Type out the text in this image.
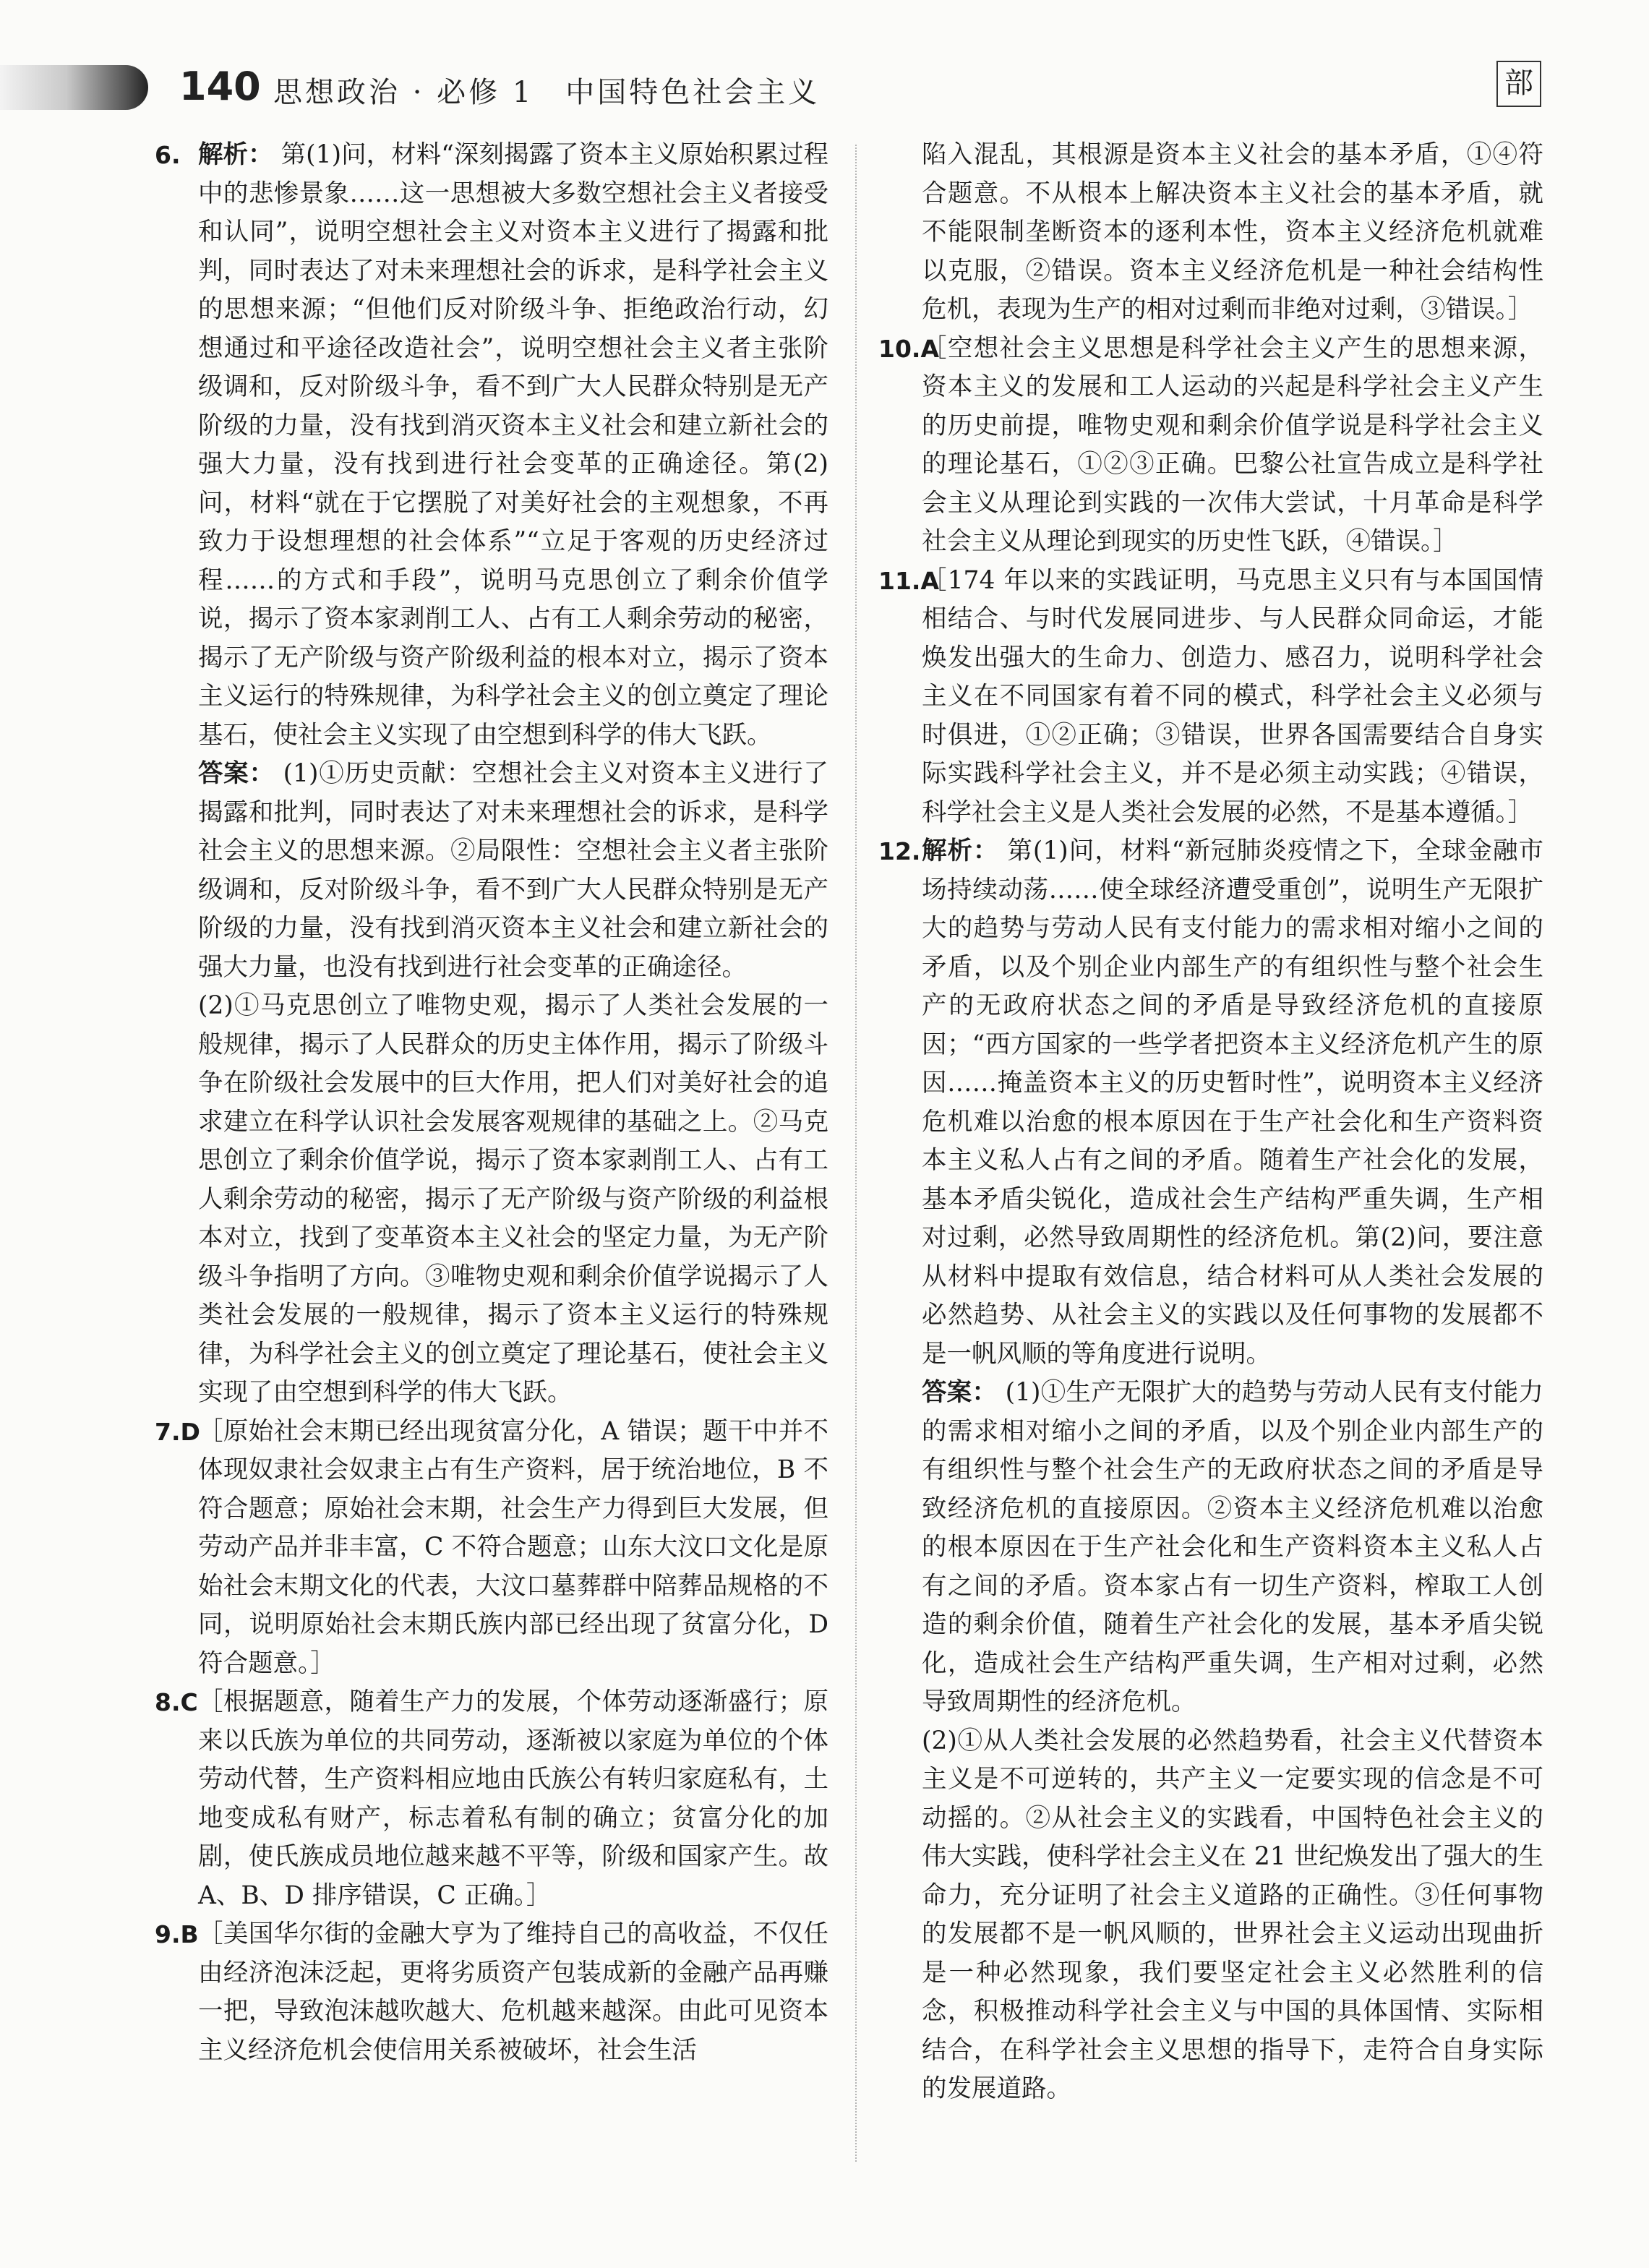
140 思想政治 · 必修 1　中国特色社会主义	部
6. 解析： 第(1)问，材料“深刻揭露了资本主义原始积累过程中的悲惨景象……这一思想被大多数空想社会主义者接受和认同”，说明空想社会主义对资本主义进行了揭露和批判，同时表达了对未来理想社会的诉求，是科学社会主义的思想来源；“但他们反对阶级斗争、拒绝政治行动，幻想通过和平途径改造社会”，说明空想社会主义者主张阶级调和，反对阶级斗争，看不到广大人民群众特别是无产阶级的力量，没有找到消灭资本主义社会和建立新社会的强大力量，没有找到进行社会变革的正确途径。第(2)问，材料“就在于它摆脱了对美好社会的主观想象，不再致力于设想理想的社会体系”“立足于客观的历史经济过程……的方式和手段”，说明马克思创立了剩余价值学说，揭示了资本家剥削工人、占有工人剩余劳动的秘密，揭示了无产阶级与资产阶级利益的根本对立，揭示了资本主义运行的特殊规律，为科学社会主义的创立奠定了理论基石，使社会主义实现了由空想到科学的伟大飞跃。

答案： (1)①历史贡献：空想社会主义对资本主义进行了揭露和批判，同时表达了对未来理想社会的诉求，是科学社会主义的思想来源。②局限性：空想社会主义者主张阶级调和，反对阶级斗争，看不到广大人民群众特别是无产阶级的力量，没有找到消灭资本主义社会和建立新社会的强大力量，也没有找到进行社会变革的正确途径。

(2)①马克思创立了唯物史观，揭示了人类社会发展的一般规律，揭示了人民群众的历史主体作用，揭示了阶级斗争在阶级社会发展中的巨大作用，把人们对美好社会的追求建立在科学认识社会发展客观规律的基础之上。②马克思创立了剩余价值学说，揭示了资本家剥削工人、占有工人剩余劳动的秘密，揭示了无产阶级与资产阶级的利益根本对立，找到了变革资本主义社会的坚定力量，为无产阶级斗争指明了方向。③唯物史观和剩余价值学说揭示了人类社会发展的一般规律，揭示了资本主义运行的特殊规律，为科学社会主义的创立奠定了理论基石，使社会主义实现了由空想到科学的伟大飞跃。

7.D

［原始社会末期已经出现贫富分化，A 错误；题干中并不体现奴隶社会奴隶主占有生产资料，居于统治地位，B 不符合题意；原始社会末期，社会生产力得到巨大发展，但劳动产品并非丰富，C 不符合题意；山东大汶口文化是原始社会末期文化的代表，大汶口墓葬群中陪葬品规格的不同，说明原始社会末期氏族内部已经出现了贫富分化，D 符合题意。］

8.C ［根据题意，随着生产力的发展，个体劳动逐渐盛行；原来以氏族为单位的共同劳动，逐渐被以家庭为单位的个体劳动代替，生产资料相应地由氏族公有转归家庭私有，土地变成私有财产，标志着私有制的确立；贫富分化的加剧，使氏族成员地位越来越不平等，阶级和国家产生。故 A、B、D 排序错误，C 正确。］

9.B ［美国华尔街的金融大亨为了维持自己的高收益，不仅任由经济泡沫泛起，更将劣质资产包装成新的金融产品再赚一把，导致泡沫越吹越大、危机越来越深。由此可见资本主义经济危机会使信用关系被破坏，社会生活

陷入混乱，其根源是资本主义社会的基本矛盾，①④符合题意。不从根本上解决资本主义社会的基本矛盾，就不能限制垄断资本的逐利本性，资本主义经济危机就难以克服，②错误。资本主义经济危机是一种社会结构性危机，表现为生产的相对过剩而非绝对过剩，③错误。］

10.A

［空想社会主义思想是科学社会主义产生的思想来源，资本主义的发展和工人运动的兴起是科学社会主义产生的历史前提，唯物史观和剩余价值学说是科学社会主义的理论基石，①②③正确。巴黎公社宣告成立是科学社会主义从理论到实践的一次伟大尝试，十月革命是科学社会主义从理论到现实的历史性飞跃，④错误。］

11.A

［174 年以来的实践证明，马克思主义只有与本国国情相结合、与时代发展同进步、与人民群众同命运，才能焕发出强大的生命力、创造力、感召力，说明科学社会主义在不同国家有着不同的模式，科学社会主义必须与时俱进，①②正确；③错误，世界各国需要结合自身实际实践科学社会主义，并不是必须主动实践；④错误，科学社会主义是人类社会发展的必然，不是基本遵循。］

12. 解析： 第(1)问，材料“新冠肺炎疫情之下，全球金融市场持续动荡……使全球经济遭受重创”，说明生产无限扩大的趋势与劳动人民有支付能力的需求相对缩小之间的矛盾，以及个别企业内部生产的有组织性与整个社会生产的无政府状态之间的矛盾是导致经济危机的直接原因；“西方国家的一些学者把资本主义经济危机产生的原因……掩盖资本主义的历史暂时性”，说明资本主义经济危机难以治愈的根本原因在于生产社会化和生产资料资本主义私人占有之间的矛盾。随着生产社会化的发展，基本矛盾尖锐化，造成社会生产结构严重失调，生产相对过剩，必然导致周期性的经济危机。第(2)问，要注意从材料中提取有效信息，结合材料可从人类社会发展的必然趋势、从社会主义的实践以及任何事物的发展都不是一帆风顺的等角度进行说明。

答案： (1)①生产无限扩大的趋势与劳动人民有支付能力的需求相对缩小之间的矛盾，以及个别企业内部生产的有组织性与整个社会生产的无政府状态之间的矛盾是导致经济危机的直接原因。②资本主义经济危机难以治愈的根本原因在于生产社会化和生产资料资本主义私人占有之间的矛盾。资本家占有一切生产资料，榨取工人创造的剩余价值，随着生产社会化的发展，基本矛盾尖锐化，造成社会生产结构严重失调，生产相对过剩，必然导致周期性的经济危机。

(2)①从人类社会发展的必然趋势看，社会主义代替资本主义是不可逆转的，共产主义一定要实现的信念是不可动摇的。②从社会主义的实践看，中国特色社会主义的伟大实践，使科学社会主义在 21 世纪焕发出了强大的生命力，充分证明了社会主义道路的正确性。③任何事物的发展都不是一帆风顺的，世界社会主义运动出现曲折是一种必然现象，我们要坚定社会主义必然胜利的信念，积极推动科学社会主义与中国的具体国情、实际相结合，在科学社会主义思想的指导下，走符合自身实际的发展道路。
